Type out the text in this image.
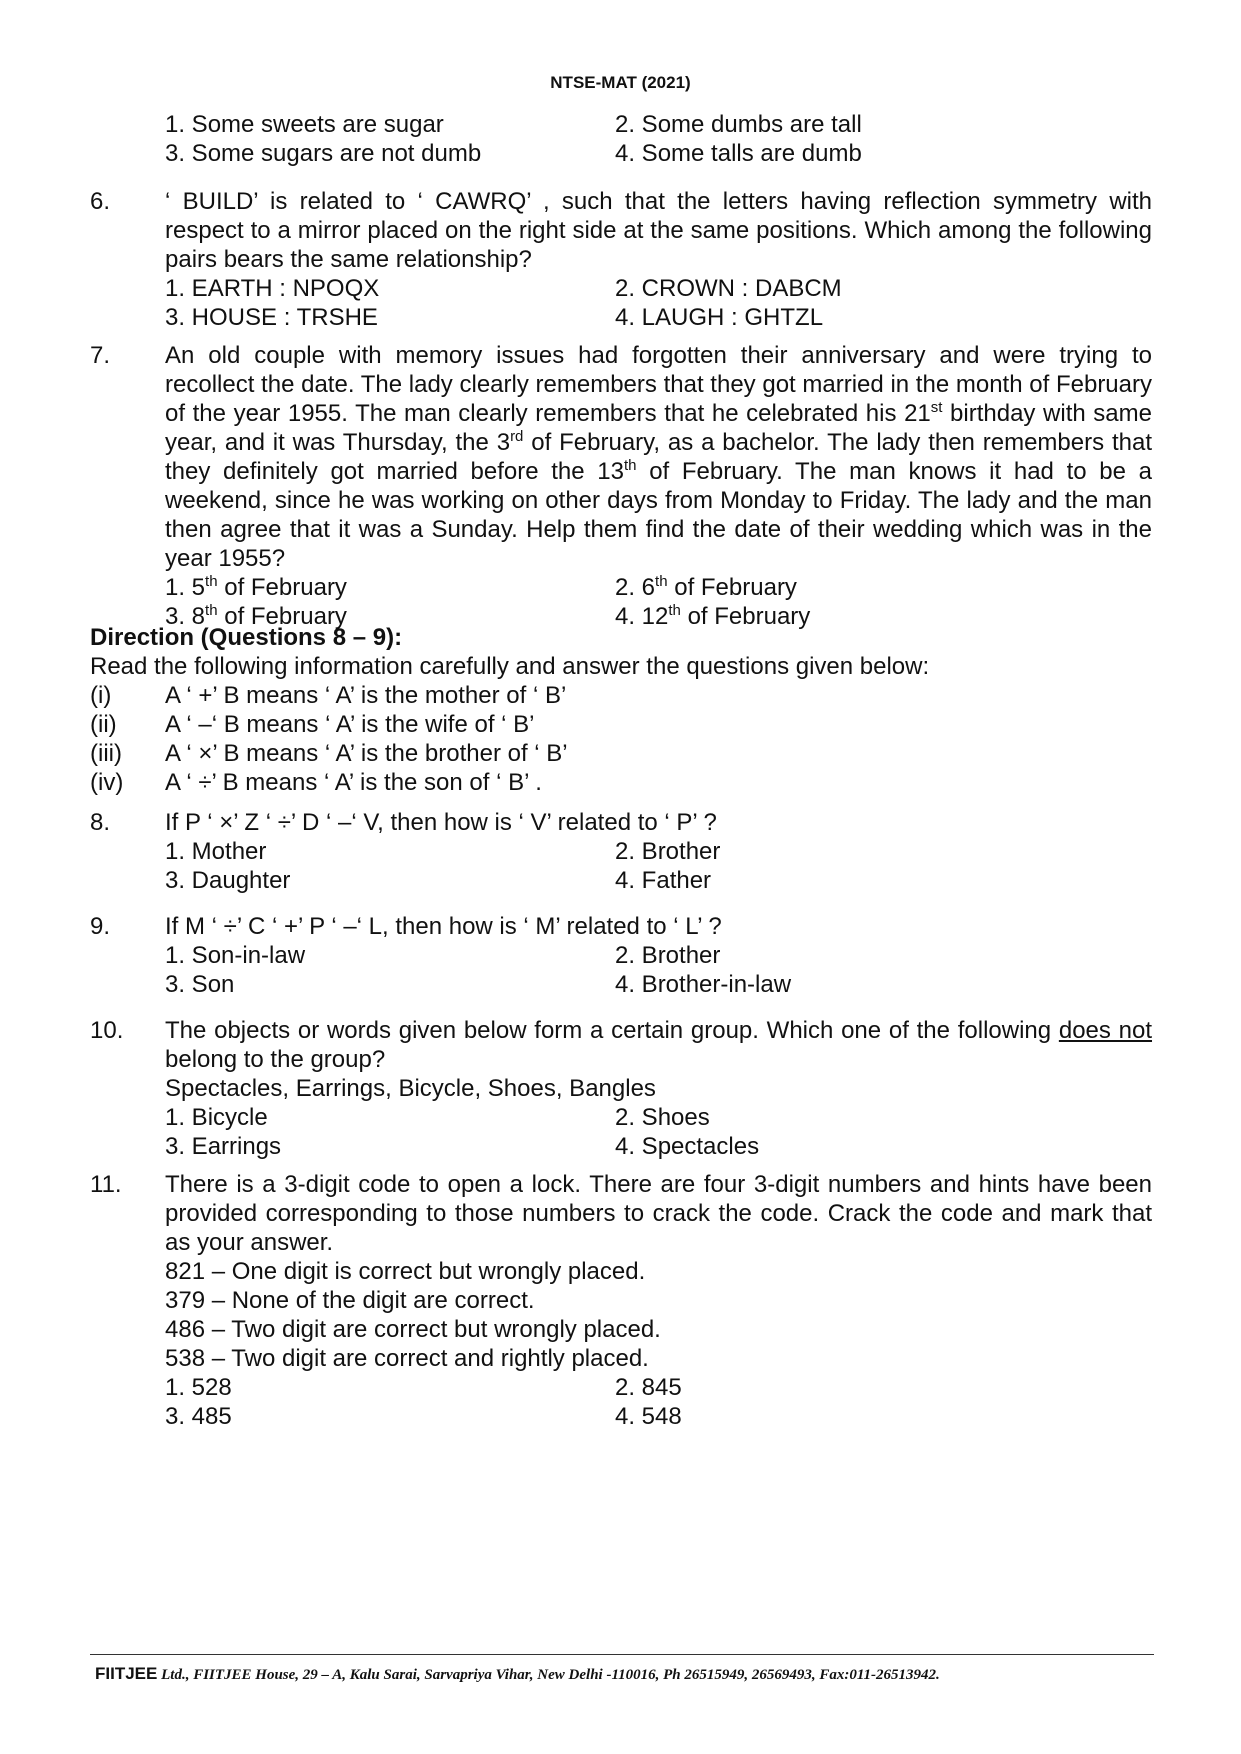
NTSE-MAT (2021)
1. Some sweets are sugar	2. Some dumbs are tall
3. Some sugars are not dumb	4. Some talls are dumb
6.	‘ BUILD’ is related to ‘ CAWRQ’ , such that the letters having reflection symmetry with respect to a mirror placed on the right side at the same positions. Which among the following pairs bears the same relationship?
1. EARTH : NPOQX	2. CROWN : DABCM
3. HOUSE : TRSHE	4. LAUGH : GHTZL
7.	An old couple with memory issues had forgotten their anniversary and were trying to recollect the date. The lady clearly remembers that they got married in the month of February of the year 1955. The man clearly remembers that he celebrated his 21st birthday with same year, and it was Thursday, the 3rd of February, as a bachelor. The lady then remembers that they definitely got married before the 13th of February. The man knows it had to be a weekend, since he was working on other days from Monday to Friday. The lady and the man then agree that it was a Sunday. Help them find the date of their wedding which was in the year 1955?
1. 5th of February	2. 6th of February
3. 8th of February	4. 12th of February
Direction (Questions 8 – 9):
Read the following information carefully and answer the questions given below:
(i)	A ‘ +’ B means ‘ A’ is the mother of ‘ B’
(ii)	A ‘ –‘ B means ‘ A’ is the wife of ‘ B’
(iii)	A ‘ ×’ B means ‘ A’ is the brother of ‘ B’
(iv)	A ‘ ÷’ B means ‘ A’ is the son of ‘ B’ .
8.	If P ‘ ×’ Z ‘ ÷’ D ‘ –‘ V, then how is ‘ V’ related to ‘ P’ ?
1. Mother	2. Brother
3. Daughter	4. Father
9.	If M ‘ ÷’ C ‘ +’ P ‘ –‘ L, then how is ‘ M’ related to ‘ L’ ?
1. Son-in-law	2. Brother
3. Son	4. Brother-in-law
10.	The objects or words given below form a certain group. Which one of the following does not belong to the group?
Spectacles, Earrings, Bicycle, Shoes, Bangles
1. Bicycle	2. Shoes
3. Earrings	4. Spectacles
11.	There is a 3-digit code to open a lock. There are four 3-digit numbers and hints have been provided corresponding to those numbers to crack the code. Crack the code and mark that as your answer.
821 – One digit is correct but wrongly placed.
379 – None of the digit are correct.
486 – Two digit are correct but wrongly placed.
538 – Two digit are correct and rightly placed.
1. 528	2. 845
3. 485	4. 548
FIITJEE Ltd., FIITJEE House, 29 – A, Kalu Sarai, Sarvapriya Vihar, New Delhi -110016, Ph 26515949, 26569493, Fax:011-26513942.
